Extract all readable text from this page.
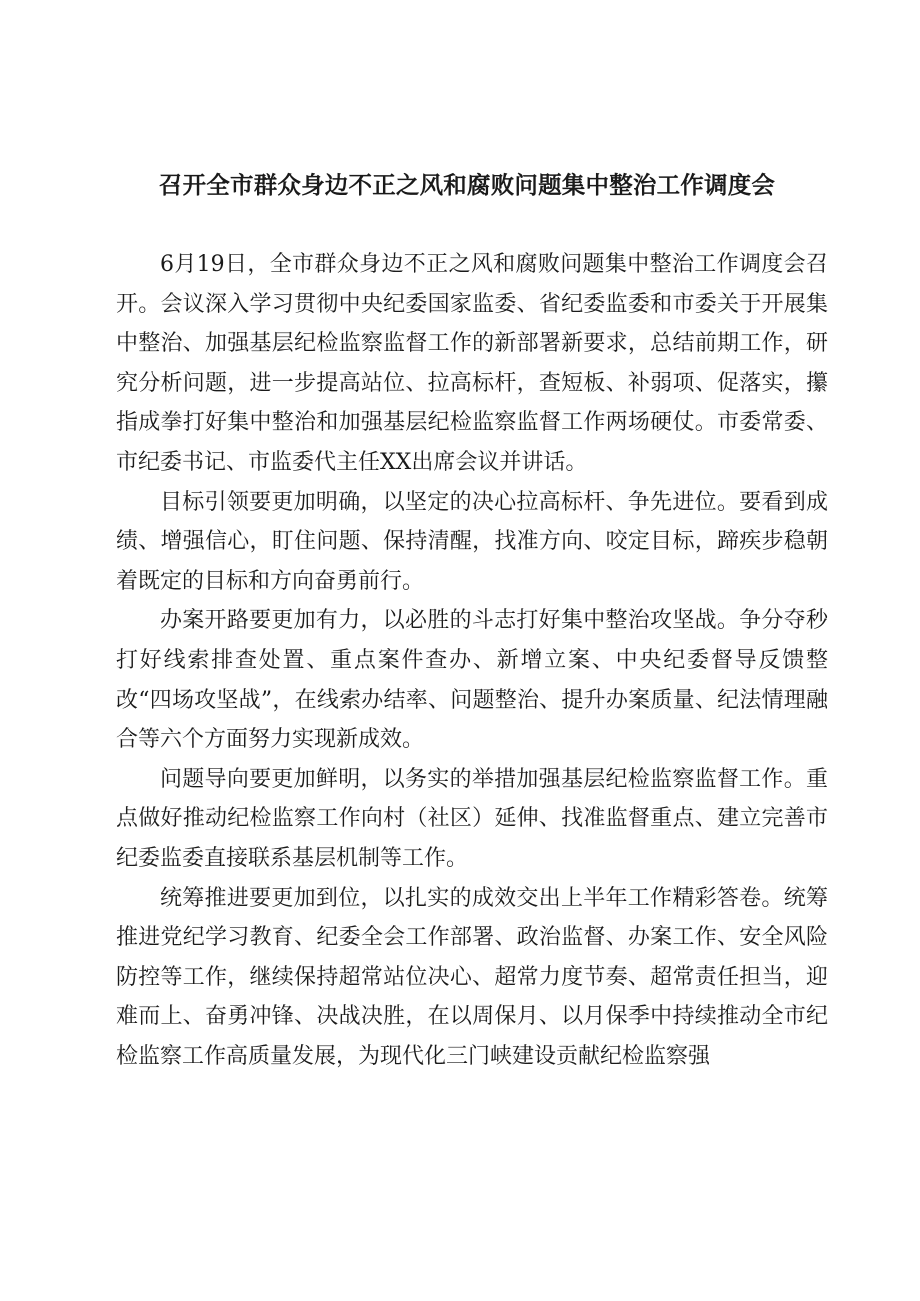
召开全市群众身边不正之风和腐败问题集中整治工作调度会

6月19日，全市群众身边不正之风和腐败问题集中整治工作调度会召开。会议深入学习贯彻中央纪委国家监委、省纪委监委和市委关于开展集中整治、加强基层纪检监察监督工作的新部署新要求，总结前期工作，研究分析问题，进一步提高站位、拉高标杆，查短板、补弱项、促落实，攥指成拳打好集中整治和加强基层纪检监察监督工作两场硬仗。市委常委、市纪委书记、市监委代主任XX出席会议并讲话。

目标引领要更加明确，以坚定的决心拉高标杆、争先进位。要看到成绩、增强信心，盯住问题、保持清醒，找准方向、咬定目标，蹄疾步稳朝着既定的目标和方向奋勇前行。

办案开路要更加有力，以必胜的斗志打好集中整治攻坚战。争分夺秒打好线索排查处置、重点案件查办、新增立案、中央纪委督导反馈整改“四场攻坚战”，在线索办结率、问题整治、提升办案质量、纪法情理融合等六个方面努力实现新成效。

问题导向要更加鲜明，以务实的举措加强基层纪检监察监督工作。重点做好推动纪检监察工作向村（社区）延伸、找准监督重点、建立完善市纪委监委直接联系基层机制等工作。

统筹推进要更加到位，以扎实的成效交出上半年工作精彩答卷。统筹推进党纪学习教育、纪委全会工作部署、政治监督、办案工作、安全风险防控等工作，继续保持超常站位决心、超常力度节奏、超常责任担当，迎难而上、奋勇冲锋、决战决胜，在以周保月、以月保季中持续推动全市纪检监察工作高质量发展，为现代化三门峡建设贡献纪检监察强
